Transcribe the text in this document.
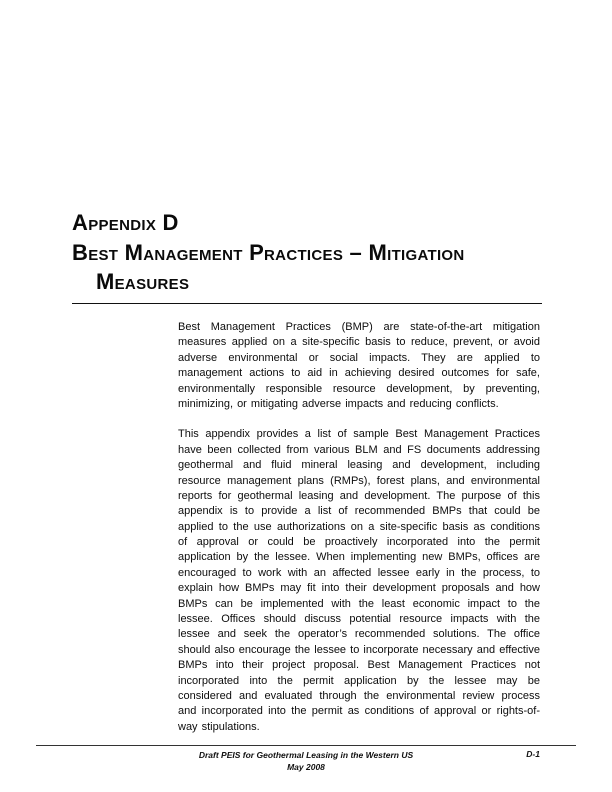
Appendix D
Best Management Practices – Mitigation
Measures

Best Management Practices (BMP) are state-of-the-art mitigation measures applied on a site-specific basis to reduce, prevent, or avoid adverse environmental or social impacts. They are applied to management actions to aid in achieving desired outcomes for safe, environmentally responsible resource development, by preventing, minimizing, or mitigating adverse impacts and reducing conflicts.

This appendix provides a list of sample Best Management Practices have been collected from various BLM and FS documents addressing geothermal and fluid mineral leasing and development, including resource management plans (RMPs), forest plans, and environmental reports for geothermal leasing and development. The purpose of this appendix is to provide a list of recommended BMPs that could be applied to the use authorizations on a site-specific basis as conditions of approval or could be proactively incorporated into the permit application by the lessee. When implementing new BMPs, offices are encouraged to work with an affected lessee early in the process, to explain how BMPs may fit into their development proposals and how BMPs can be implemented with the least economic impact to the lessee. Offices should discuss potential resource impacts with the lessee and seek the operator’s recommended solutions. The office should also encourage the lessee to incorporate necessary and effective BMPs into their project proposal. Best Management Practices not incorporated into the permit application by the lessee may be considered and evaluated through the environmental review process and incorporated into the permit as conditions of approval or rights-of-way stipulations.

Draft PEIS for Geothermal Leasing in the Western US
May 2008
D-1
